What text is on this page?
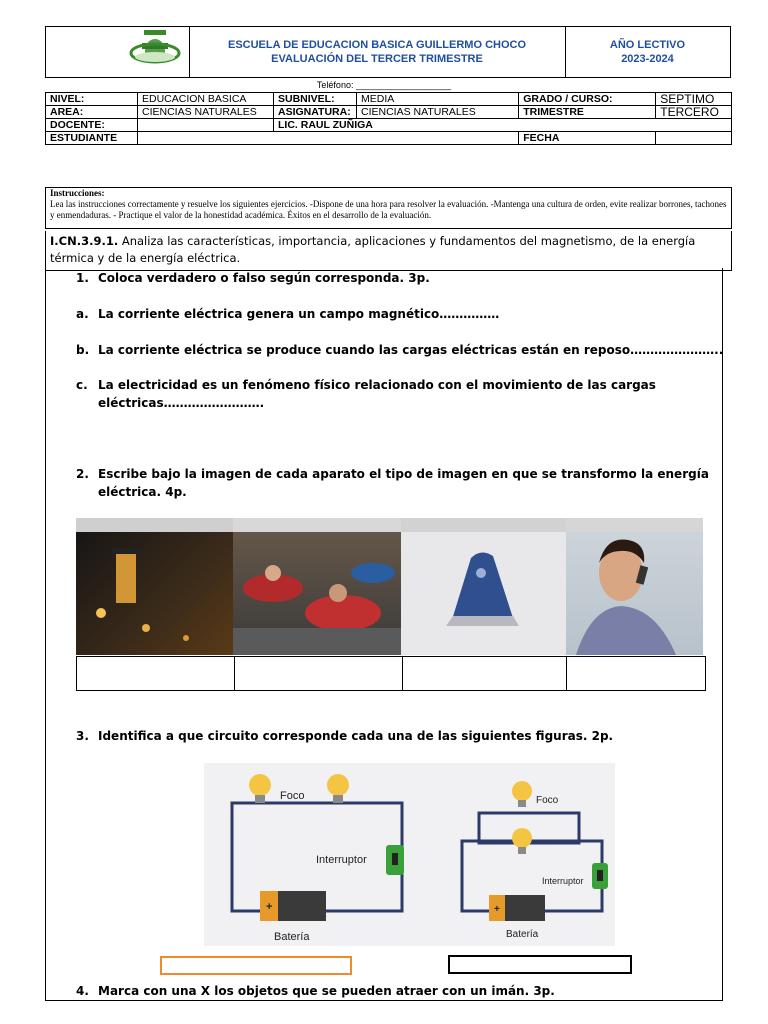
ESCUELA DE EDUCACION BASICA GUILLERMO CHOCO
EVALUACIÓN DEL TERCER TRIMESTRE
AÑO LECTIVO
2023-2024
Teléfono: ___________________
NIVEL:	EDUCACION BASICA	SUBNIVEL:	MEDIA	GRADO / CURSO:	SEPTIMO
AREA:	CIENCIAS NATURALES	ASIGNATURA:	CIENCIAS NATURALES	TRIMESTRE	TERCERO
DOCENTE:		LIC. RAUL ZUÑIGA			
ESTUDIANTE				FECHA	
Instrucciones:
Lea las instrucciones correctamente y resuelve los siguientes ejercicios. -Dispone de una hora para resolver la evaluación. -Mantenga una cultura de orden, evite realizar borrones, tachones y enmendaduras. - Practique el valor de la honestidad académica. Éxitos en el desarrollo de la evaluación.
I.CN.3.9.1. Analiza las características, importancia, aplicaciones y fundamentos del magnetismo, de la energía térmica y de la energía eléctrica.
1. Coloca verdadero o falso según corresponda. 3p.
a. La corriente eléctrica genera un campo magnético……………
b. La corriente eléctrica se produce cuando las cargas eléctricas están en reposo…………………..
c. La electricidad es un fenómeno físico relacionado con el movimiento de las cargas
eléctricas…………………….
2. Escribe bajo la imagen de cada aparato el tipo de imagen en que se transformo la energía
eléctrica. 4p.
3. Identifica a que circuito corresponde cada una de las siguientes figuras. 2p.
Foco
Interruptor
+
Batería
Foco
Interruptor
+
Batería
4. Marca con una X los objetos que se pueden atraer con un imán. 3p.
